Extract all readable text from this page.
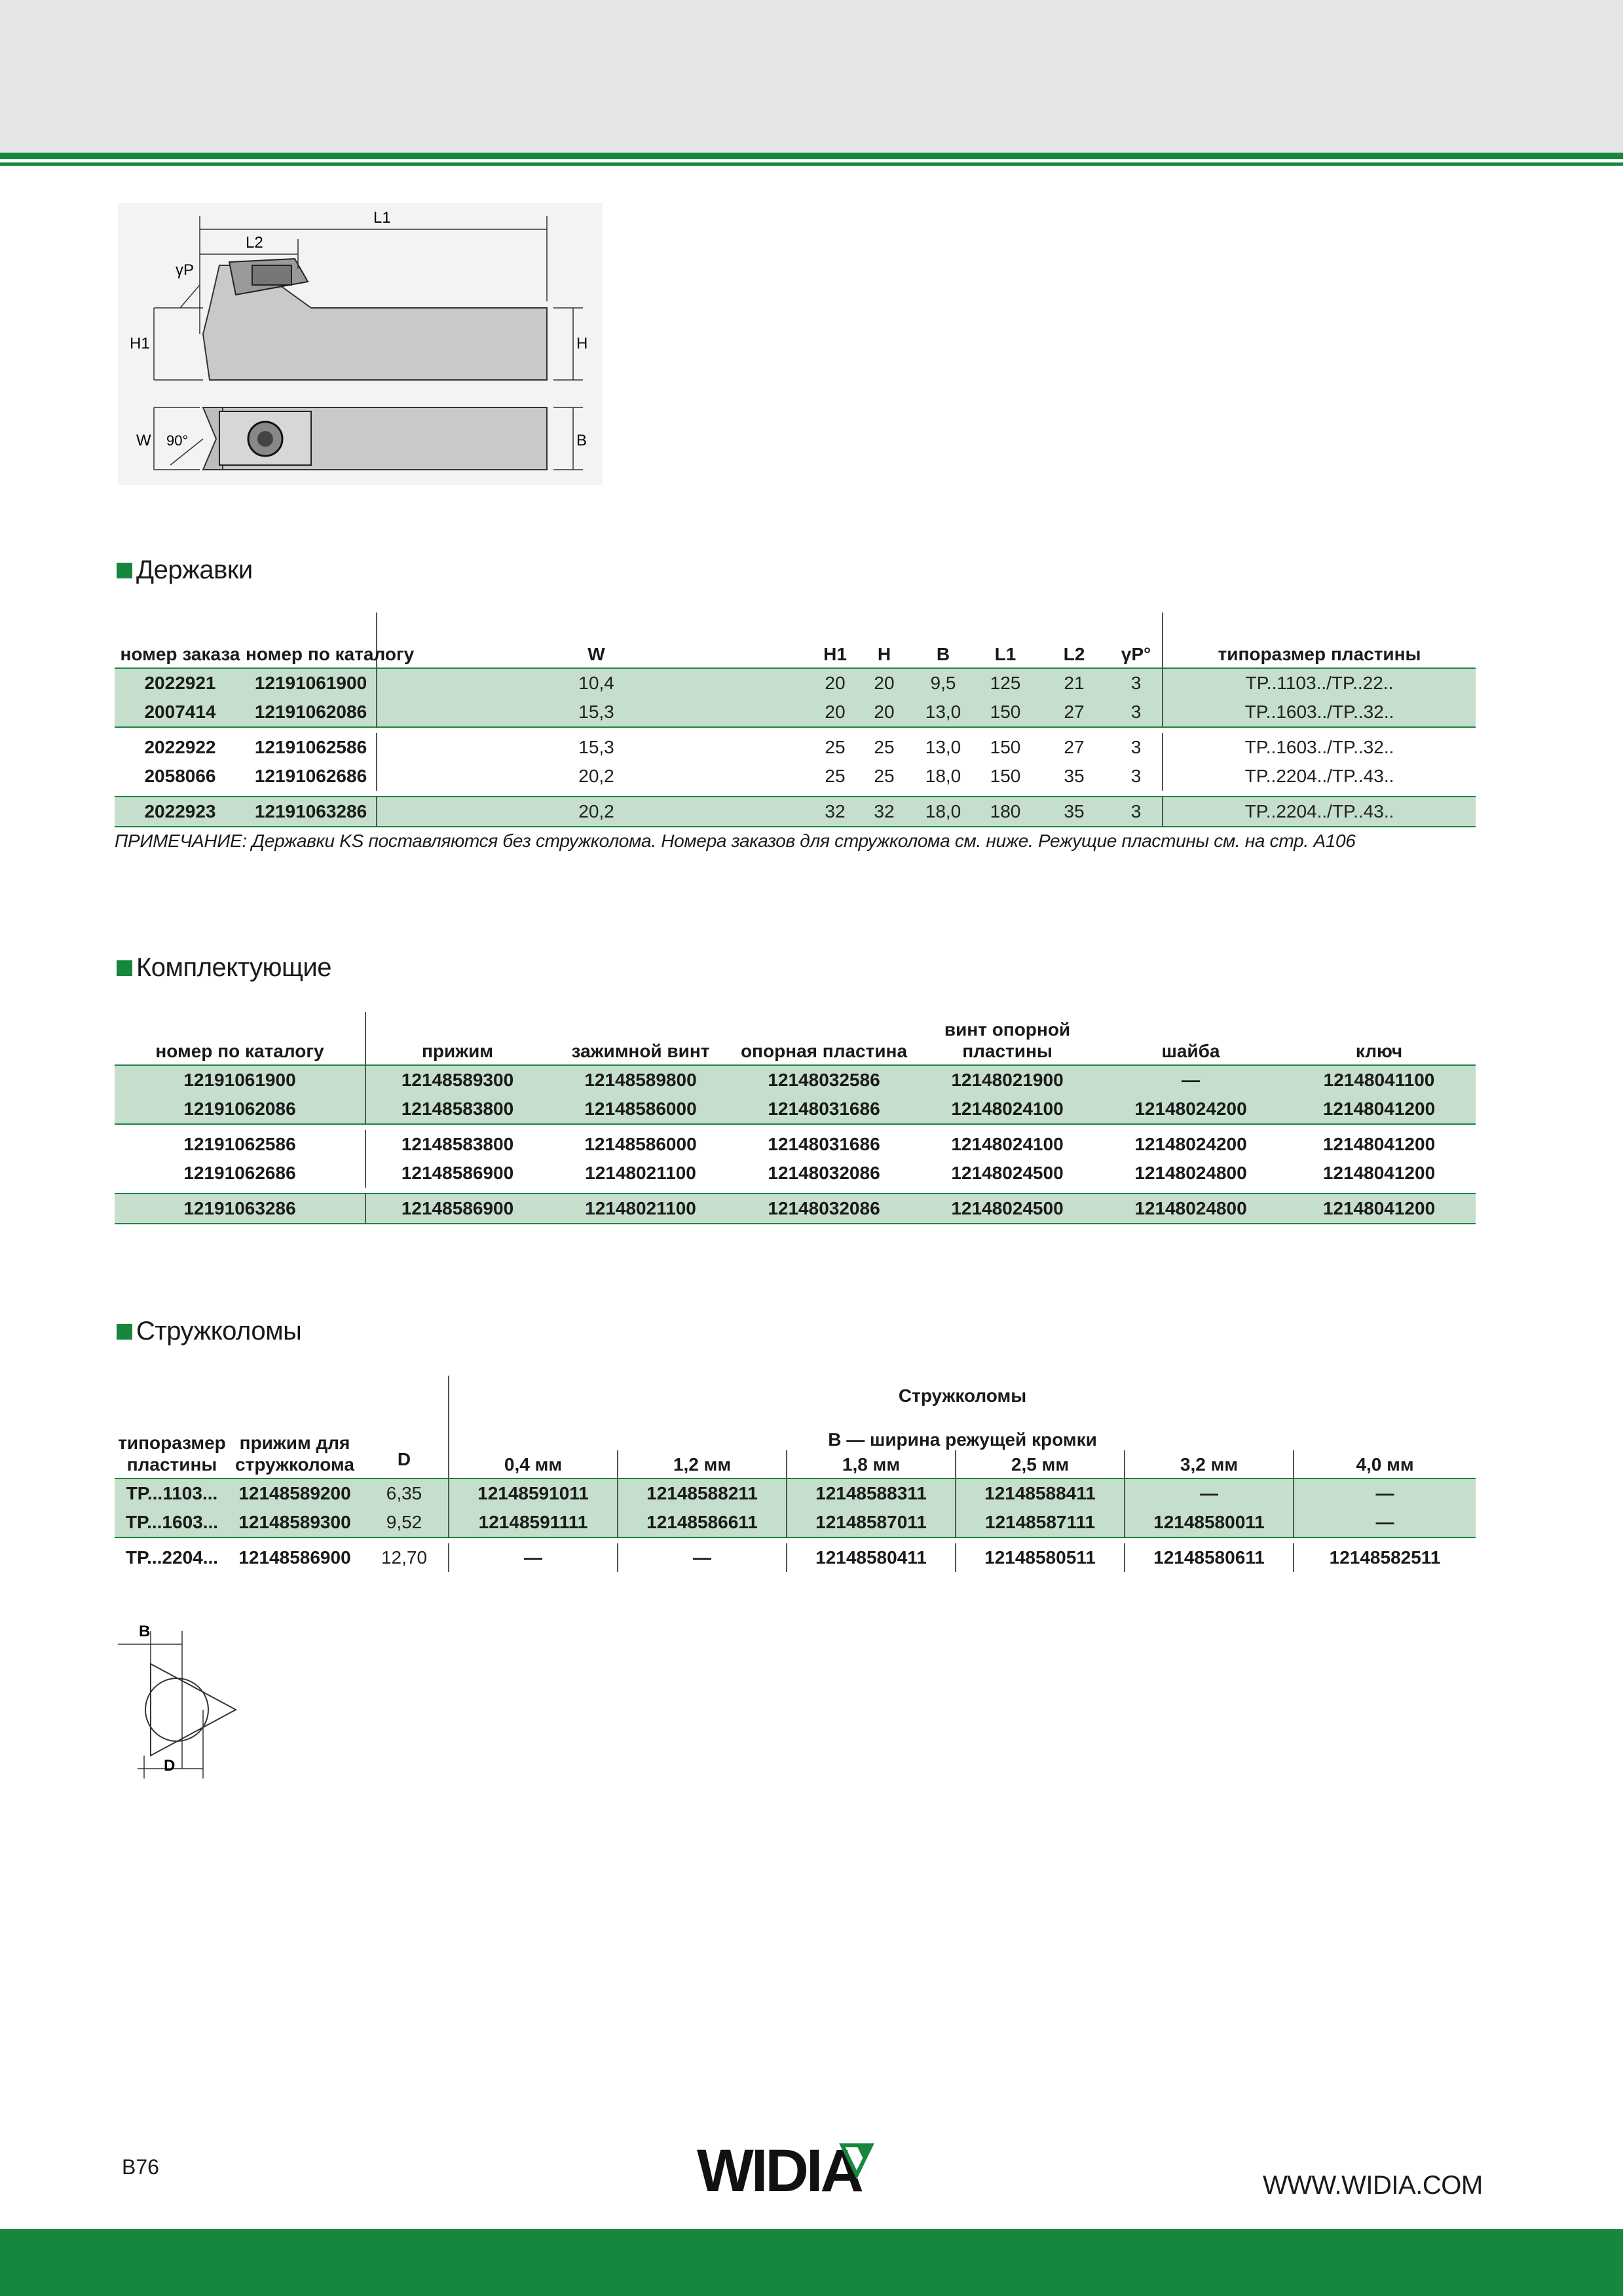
L1
L2
γP
H1	H
W 90°	B
Державки
номер заказа	номер по каталогу	W	H1	H	B	L1	L2	γP°	типоразмер пластины
2022921	12191061900	10,4	20	20	9,5	125	21	3	TP..1103../TP..22..
2007414	12191062086	15,3	20	20	13,0	150	27	3	TP..1603../TP..32..

2022922	12191062586	15,3	25	25	13,0	150	27	3	TP..1603../TP..32..
2058066	12191062686	20,2	25	25	18,0	150	35	3	TP..2204../TP..43..

2022923	12191063286	20,2	32	32	18,0	180	35	3	TP..2204../TP..43..
ПРИМЕЧАНИЕ: Державки KS поставляются без стружколома. Номера заказов для стружколома см. ниже. Режущие пластины см. на стр. A106
Комплектующие
номер по каталогу	прижим	зажимной винт	опорная пластина	винт опорной пластины	шайба	ключ
12191061900	12148589300	12148589800	12148032586	12148021900	—	12148041100
12191062086	12148583800	12148586000	12148031686	12148024100	12148024200	12148041200

12191062586	12148583800	12148586000	12148031686	12148024100	12148024200	12148041200
12191062686	12148586900	12148021100	12148032086	12148024500	12148024800	12148041200

12191063286	12148586900	12148021100	12148032086	12148024500	12148024800	12148041200
Стружколомы
типоразмер пластины	прижим для стружколома	D	Стружколомы					
			B — ширина режущей кромки					
			0,4 мм	1,2 мм	1,8 мм	2,5 мм	3,2 мм	4,0 мм
TP...1103...	12148589200	6,35	12148591011	12148588211	12148588311	12148588411	—	—
TP...1603...	12148589300	9,52	12148591111	12148586611	12148587011	12148587111	12148580011	—

TP...2204...	12148586900	12,70	—	—	12148580411	12148580511	12148580611	12148582511
B
D
B76	WIDIA	WWW.WIDIA.COM
